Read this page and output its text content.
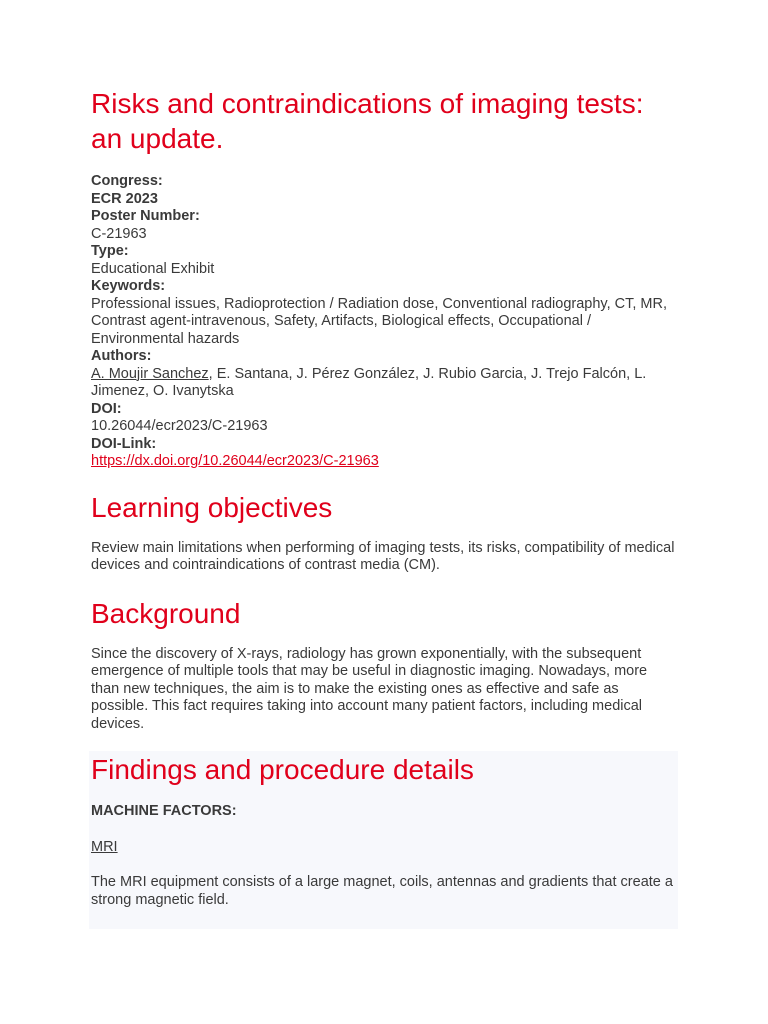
Risks and contraindications of imaging tests: an update.
Congress:
ECR 2023
Poster Number:
C-21963
Type:
Educational Exhibit
Keywords:
Professional issues, Radioprotection / Radiation dose, Conventional radiography, CT, MR, Contrast agent-intravenous, Safety, Artifacts, Biological effects, Occupational / Environmental hazards
Authors:
A. Moujir Sanchez, E. Santana, J. Pérez González, J. Rubio Garcia, J. Trejo Falcón, L. Jimenez, O. Ivanytska
DOI:
10.26044/ecr2023/C-21963
DOI-Link:
https://dx.doi.org/10.26044/ecr2023/C-21963
Learning objectives

Review main limitations when performing of imaging tests, its risks, compatibility of medical devices and cointraindications of contrast media (CM).

Background

Since the discovery of X-rays, radiology has grown exponentially, with the subsequent emergence of multiple tools that may be useful in diagnostic imaging. Nowadays, more than new techniques, the aim is to make the existing ones as effective and safe as possible. This fact requires taking into account many patient factors, including medical devices.

Findings and procedure details
MACHINE FACTORS:
MRI

The MRI equipment consists of a large magnet, coils, antennas and gradients that create a strong magnetic field.
